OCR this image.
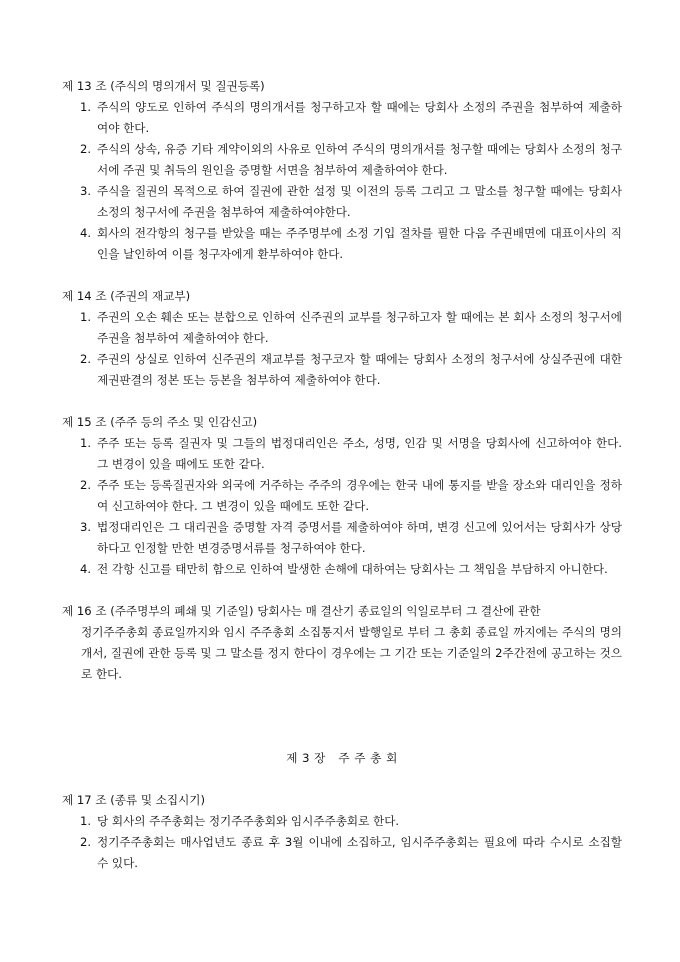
제 13 조 (주식의 명의개서 및 질권등록)
1. 주식의 양도로 인하여 주식의 명의개서를 청구하고자 할 때에는 당회사 소정의 주권을 첨부하여 제출하여야 한다.
2. 주식의 상속, 유증 기타 계약이외의 사유로 인하여 주식의 명의개서를 청구할 때에는 당회사 소정의 청구서에 주권 및 취득의 원인을 증명할 서면을 첨부하여 제출하여야 한다.
3. 주식을 질권의 목적으로 하여 질권에 관한 설정 및 이전의 등록 그리고 그 말소를 청구할 때에는 당회사 소정의 청구서에 주권을 첨부하여 제출하여야한다.
4. 회사의 전각항의 청구를 받았을 때는 주주명부에 소정 기입 절차를 필한 다음 주권배면에 대표이사의 직인을 날인하여 이를 청구자에게 환부하여야 한다.
제 14 조 (주권의 재교부)
1. 주권의 오손 훼손 또는 분합으로 인하여 신주권의 교부를 청구하고자 할 때에는 본 회사 소정의 청구서에 주권을 첨부하여 제출하여야 한다.
2. 주권의 상실로 인하여 신주권의 재교부를 청구코자 할 때에는 당회사 소정의 청구서에 상실주권에 대한 제권판결의 정본 또는 등본을 첨부하여 제출하여야 한다.
제 15 조 (주주 등의 주소 및 인감신고)
1. 주주 또는 등록 질권자 및 그들의 법정대리인은 주소, 성명, 인감 및 서명을 당회사에 신고하여야 한다. 그 변경이 있을 때에도 또한 같다.
2. 주주 또는 등록질권자와 외국에 거주하는 주주의 경우에는 한국 내에 통지를 받을 장소와 대리인을 정하여 신고하여야 한다. 그 변경이 있을 때에도 또한 같다.
3. 법정대리인은 그 대리권을 증명할 자격 증명서를 제출하여야 하며, 변경 신고에 있어서는 당회사가 상당하다고 인정할 만한 변경증명서류를 청구하여야 한다.
4. 전 각항 신고를 태만히 함으로 인하여 발생한 손해에 대하여는 당회사는 그 책임을 부담하지 아니한다.
제 16 조 (주주명부의 폐쇄 및 기준일) 당회사는 매 결산기 종료일의 익일로부터 그 결산에 관한
정기주주총회 종료일까지와 임시 주주총회 소집통지서 발행일로 부터 그 총회 종료일 까지에는 주식의 명의개서, 질권에 관한 등록 및 그 말소를 정지 한다이 경우에는 그 기간 또는 기준일의 2주간전에 공고하는 것으로 한다.
제 3 장   주 주 총 회
제 17 조 (종류 및 소집시기)
1. 당 회사의 주주총회는 정기주주총회와 임시주주총회로 한다.
2. 정기주주총회는 매사업년도 종료 후 3월 이내에 소집하고, 임시주주총회는 필요에 따라 수시로 소집할 수 있다.
